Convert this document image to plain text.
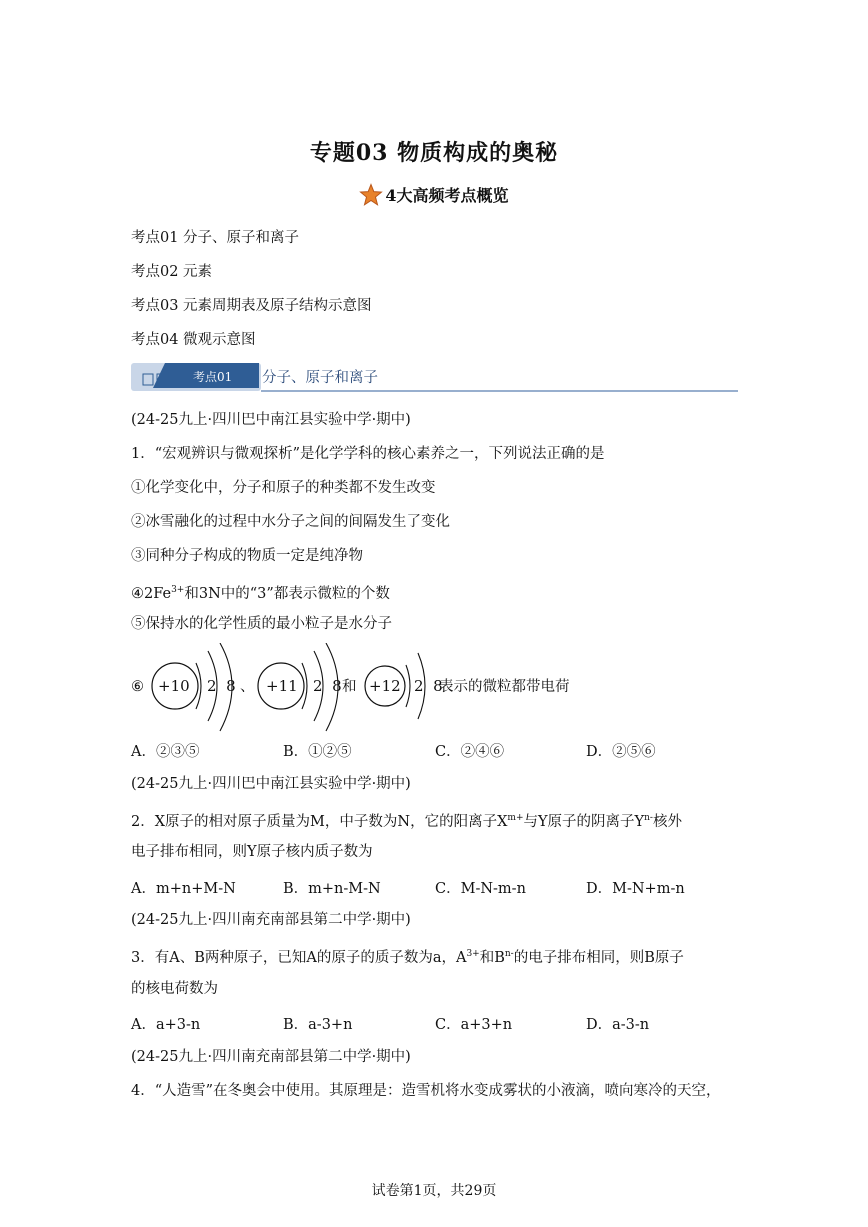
专题03 物质构成的奥秘
4大高频考点概览
考点01 分子、原子和离子
考点02 元素
考点03 元素周期表及原子结构示意图
考点04 微观示意图
考点01 分子、原子和离子
(24-25九上·四川巴中南江县实验中学·期中)
1．“宏观辨识与微观探析”是化学学科的核心素养之一，下列说法正确的是
①化学变化中，分子和原子的种类都不发生改变
②冰雪融化的过程中水分子之间的间隔发生了变化
③同种分子构成的物质一定是纯净物
$④2Fe^{3+}$和3N中的“3”都表示微粒的个数
⑤保持水的化学性质的最小粒子是水分子
⑥ +10 2  8 、 +11 2  8 和 +12 2  8
表示的微粒都带电荷
A．②③⑤	B．①②⑤	C．②④⑥	D．②⑤⑥
(24-25九上·四川巴中南江县实验中学·期中)
2．X原子的相对原子质量为M，中子数为N，它的阳离子$X^{m+}$与Y原子的阴离子$Y^{n-}$核外
电子排布相同，则Y原子核内质子数为
A．m+n+M-N	B．m+n-M-N	C．M-N-m-n	D．M-N+m-n
(24-25九上·四川南充南部县第二中学·期中)
3．有A、B两种原子，已知A的原子的质子数为a，$A^{3+}$和$B^{n-}$的电子排布相同，则B原子
的核电荷数为
A．a+3-n	B．a-3+n	C．a+3+n	D．a-3-n
(24-25九上·四川南充南部县第二中学·期中)
4．“人造雪”在冬奥会中使用。其原理是：造雪机将水变成雾状的小液滴，喷向寒冷的天空，
试卷第1页，共29页
